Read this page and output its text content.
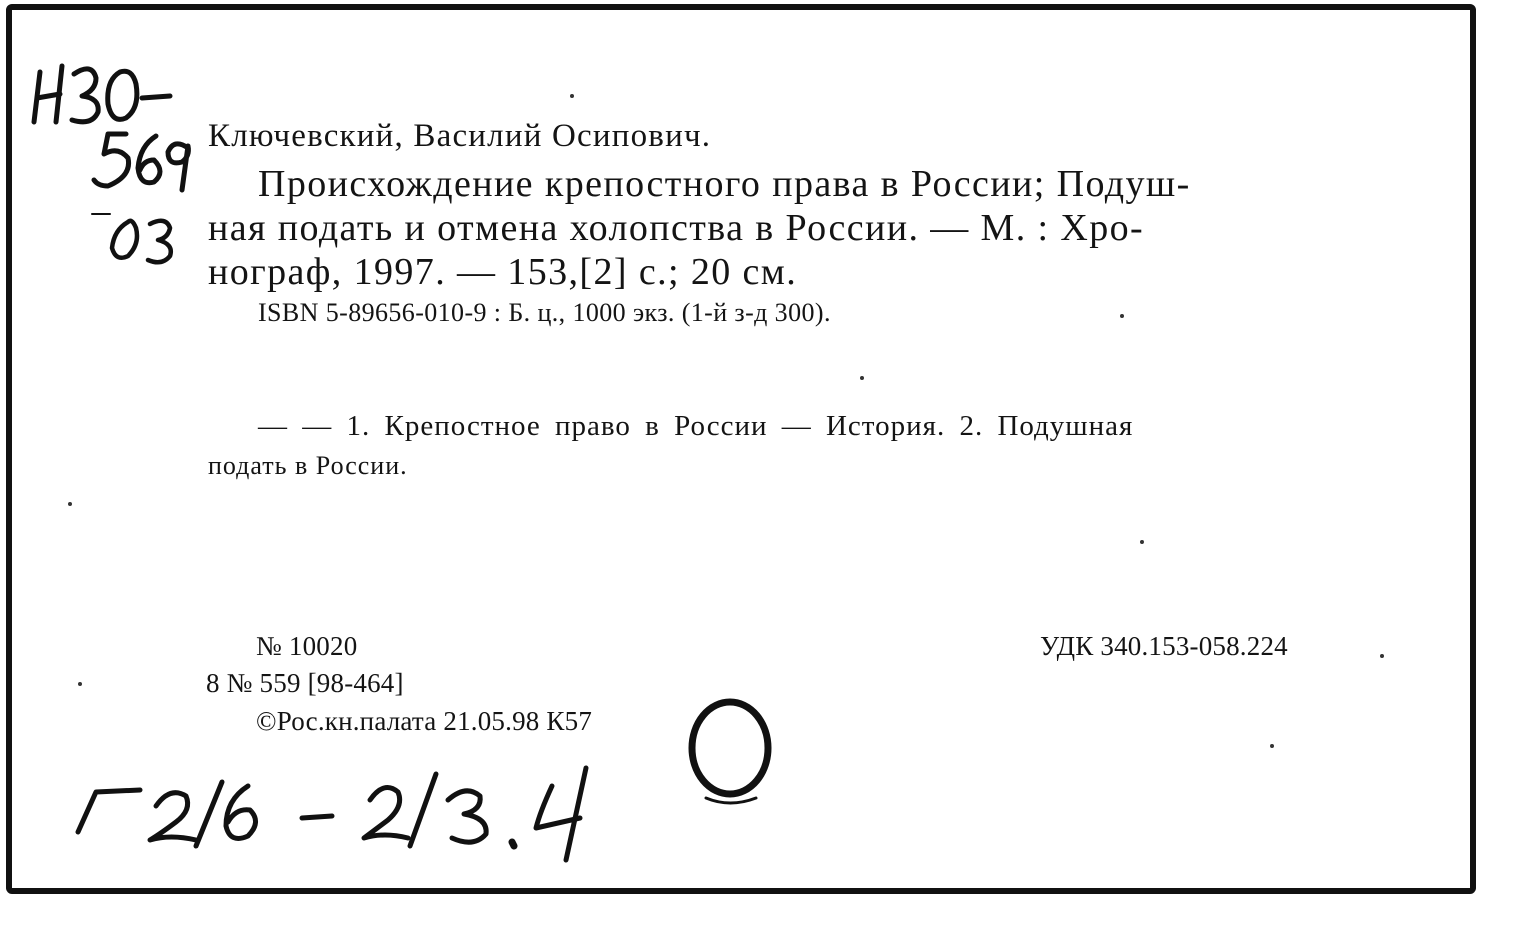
Ключевский, Василий Осипович.
Происхождение крепостного права в России; Подуш-
ная подать и отмена холопства в России. — М. : Хро-
нограф, 1997. — 153,[2] с.; 20 см.
ISBN 5-89656-010-9 : Б. ц., 1000 экз. (1-й з-д 300).
— — 1. Крепостное право в России — История. 2. Подушная
подать в России.
№ 10020
8 № 559 [98-464]
©Рос.кн.палата 21.05.98 К57
УДК 340.153-058.224
